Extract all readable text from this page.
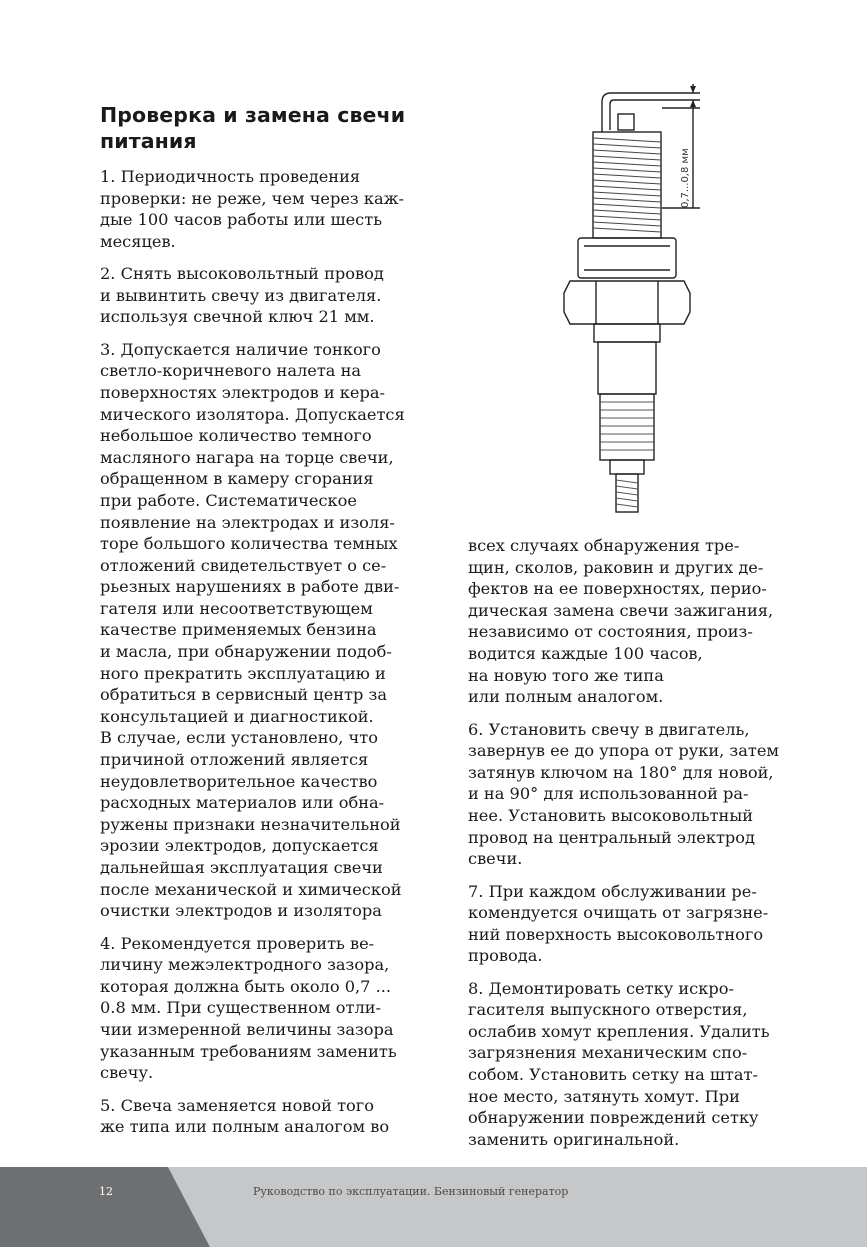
Проверка и замена свечи
питания

1. Периодичность проведения
проверки: не реже, чем через каж-
дые 100 часов работы или шесть
месяцев.

2. Снять высоковольтный провод
и вывинтить свечу из двигателя.
используя свечной ключ 21 мм.

3. Допускается наличие тонкого
светло-коричневого налета на
поверхностях электродов и кера-
мического изолятора. Допускается
небольшое количество темного
масляного нагара на торце свечи,
обращенном в камеру сгорания
при работе. Систематическое
появление на электродах и изоля-
торе большого количества темных
отложений свидетельствует о се-
рьезных нарушениях в работе дви-
гателя или несоответствующем
качестве применяемых бензина
и масла, при обнаружении подоб-
ного прекратить эксплуатацию и
обратиться в сервисный центр за
консультацией и диагностикой.
В случае, если установлено, что
причиной отложений является
неудовлетворительное качество
расходных материалов или обна-
ружены признаки незначительной
эрозии электродов, допускается
дальнейшая эксплуатация свечи
после механической и химической
очистки электродов и изолятора

4. Рекомендуется проверить ве-
личину межэлектродного зазора,
которая должна быть около 0,7 ...
0.8 мм. При существенном отли-
чии измеренной величины зазора
указанным требованиям заменить
свечу.

5. Свеча заменяется новой того
же типа или полным аналогом во

всех случаях обнаружения тре-
щин, сколов, раковин и других де-
фектов на ее поверхностях, перио-
дическая замена свечи зажигания,
независимо от состояния, произ-
водится каждые 100 часов,
на новую того же типа
или полным аналогом.

6. Установить свечу в двигатель,
завернув ее до упора от руки, затем
затянув ключом на 180° для новой,
и на 90° для использованной ра-
нее. Установить высоковольтный
провод на центральный электрод
свечи.

7. При каждом обслуживании ре-
комендуется очищать от загрязне-
ний поверхность высоковольтного
провода.

8. Демонтировать сетку искро-
гасителя выпускного отверстия,
ослабив хомут крепления. Удалить
загрязнения механическим спо-
собом. Установить сетку на штат-
ное место, затянуть хомут. При
обнаружении повреждений сетку
заменить оригинальной.

0,7...0,8 мм
12	Руководство по эксплуатации. Бензиновый генератор
